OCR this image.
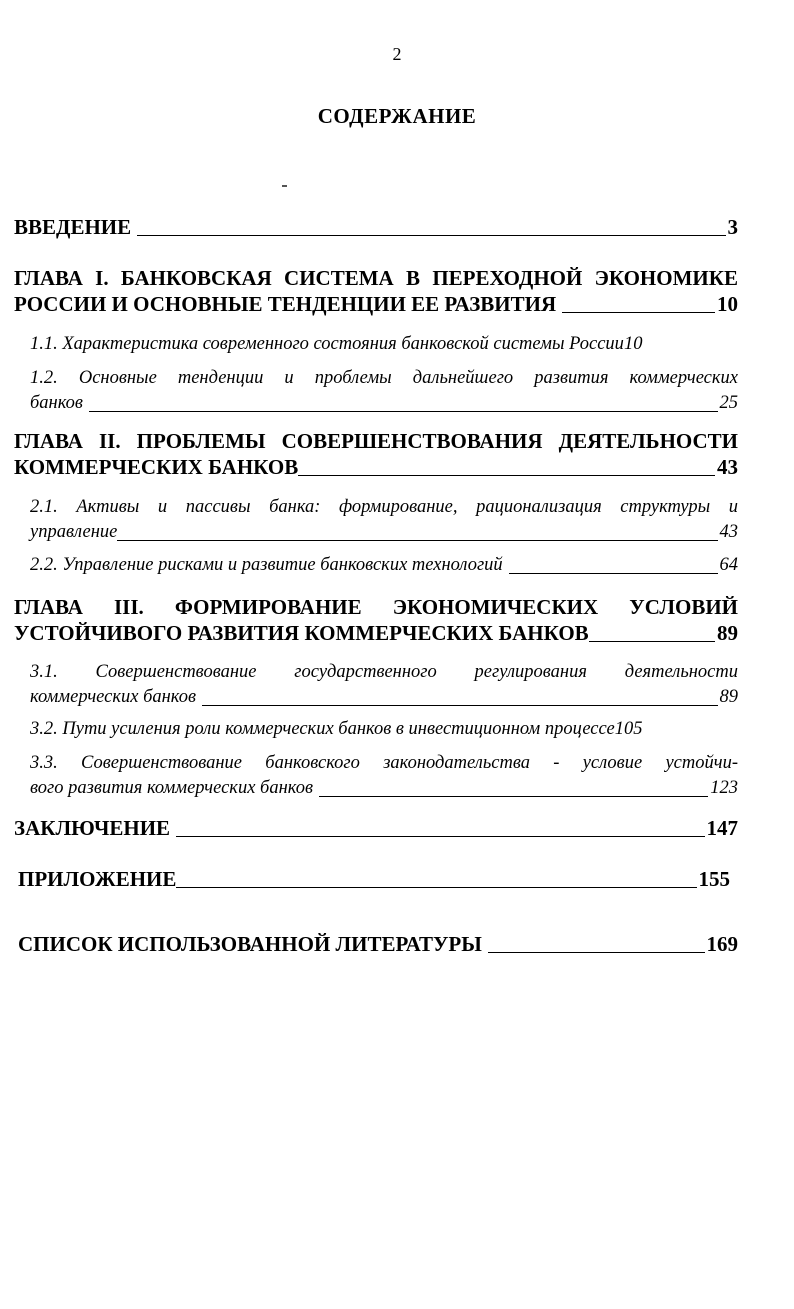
2
СОДЕРЖАНИЕ
ВВЕДЕНИЕ	3
ГЛАВА I. БАНКОВСКАЯ СИСТЕМА В ПЕРЕХОДНОЙ ЭКОНОМИКЕ
РОССИИ И ОСНОВНЫЕ ТЕНДЕНЦИИ ЕЕ РАЗВИТИЯ	10
1.1. Характеристика современного состояния банковской системы России 10
1.2. Основные тенденции и проблемы дальнейшего развития коммерческих
банков	25
ГЛАВА II. ПРОБЛЕМЫ СОВЕРШЕНСТВОВАНИЯ ДЕЯТЕЛЬНОСТИ
КОММЕРЧЕСКИХ БАНКОВ	43
2.1. Активы и пассивы банка: формирование, рационализация структуры и
управление	43
2.2. Управление рисками и развитие банковских технологий	64
ГЛАВА III. ФОРМИРОВАНИЕ ЭКОНОМИЧЕСКИХ УСЛОВИЙ
УСТОЙЧИВОГО РАЗВИТИЯ КОММЕРЧЕСКИХ БАНКОВ	89
3.1. Совершенствование государственного регулирования деятельности
коммерческих банков	89
3.2. Пути усиления роли коммерческих банков в инвестиционном процессе 105
3.3. Совершенствование банковского законодательства - условие устойчи-
вого развития коммерческих банков	123
ЗАКЛЮЧЕНИЕ	147
ПРИЛОЖЕНИЕ	155
СПИСОК ИСПОЛЬЗОВАННОЙ ЛИТЕРАТУРЫ	169
